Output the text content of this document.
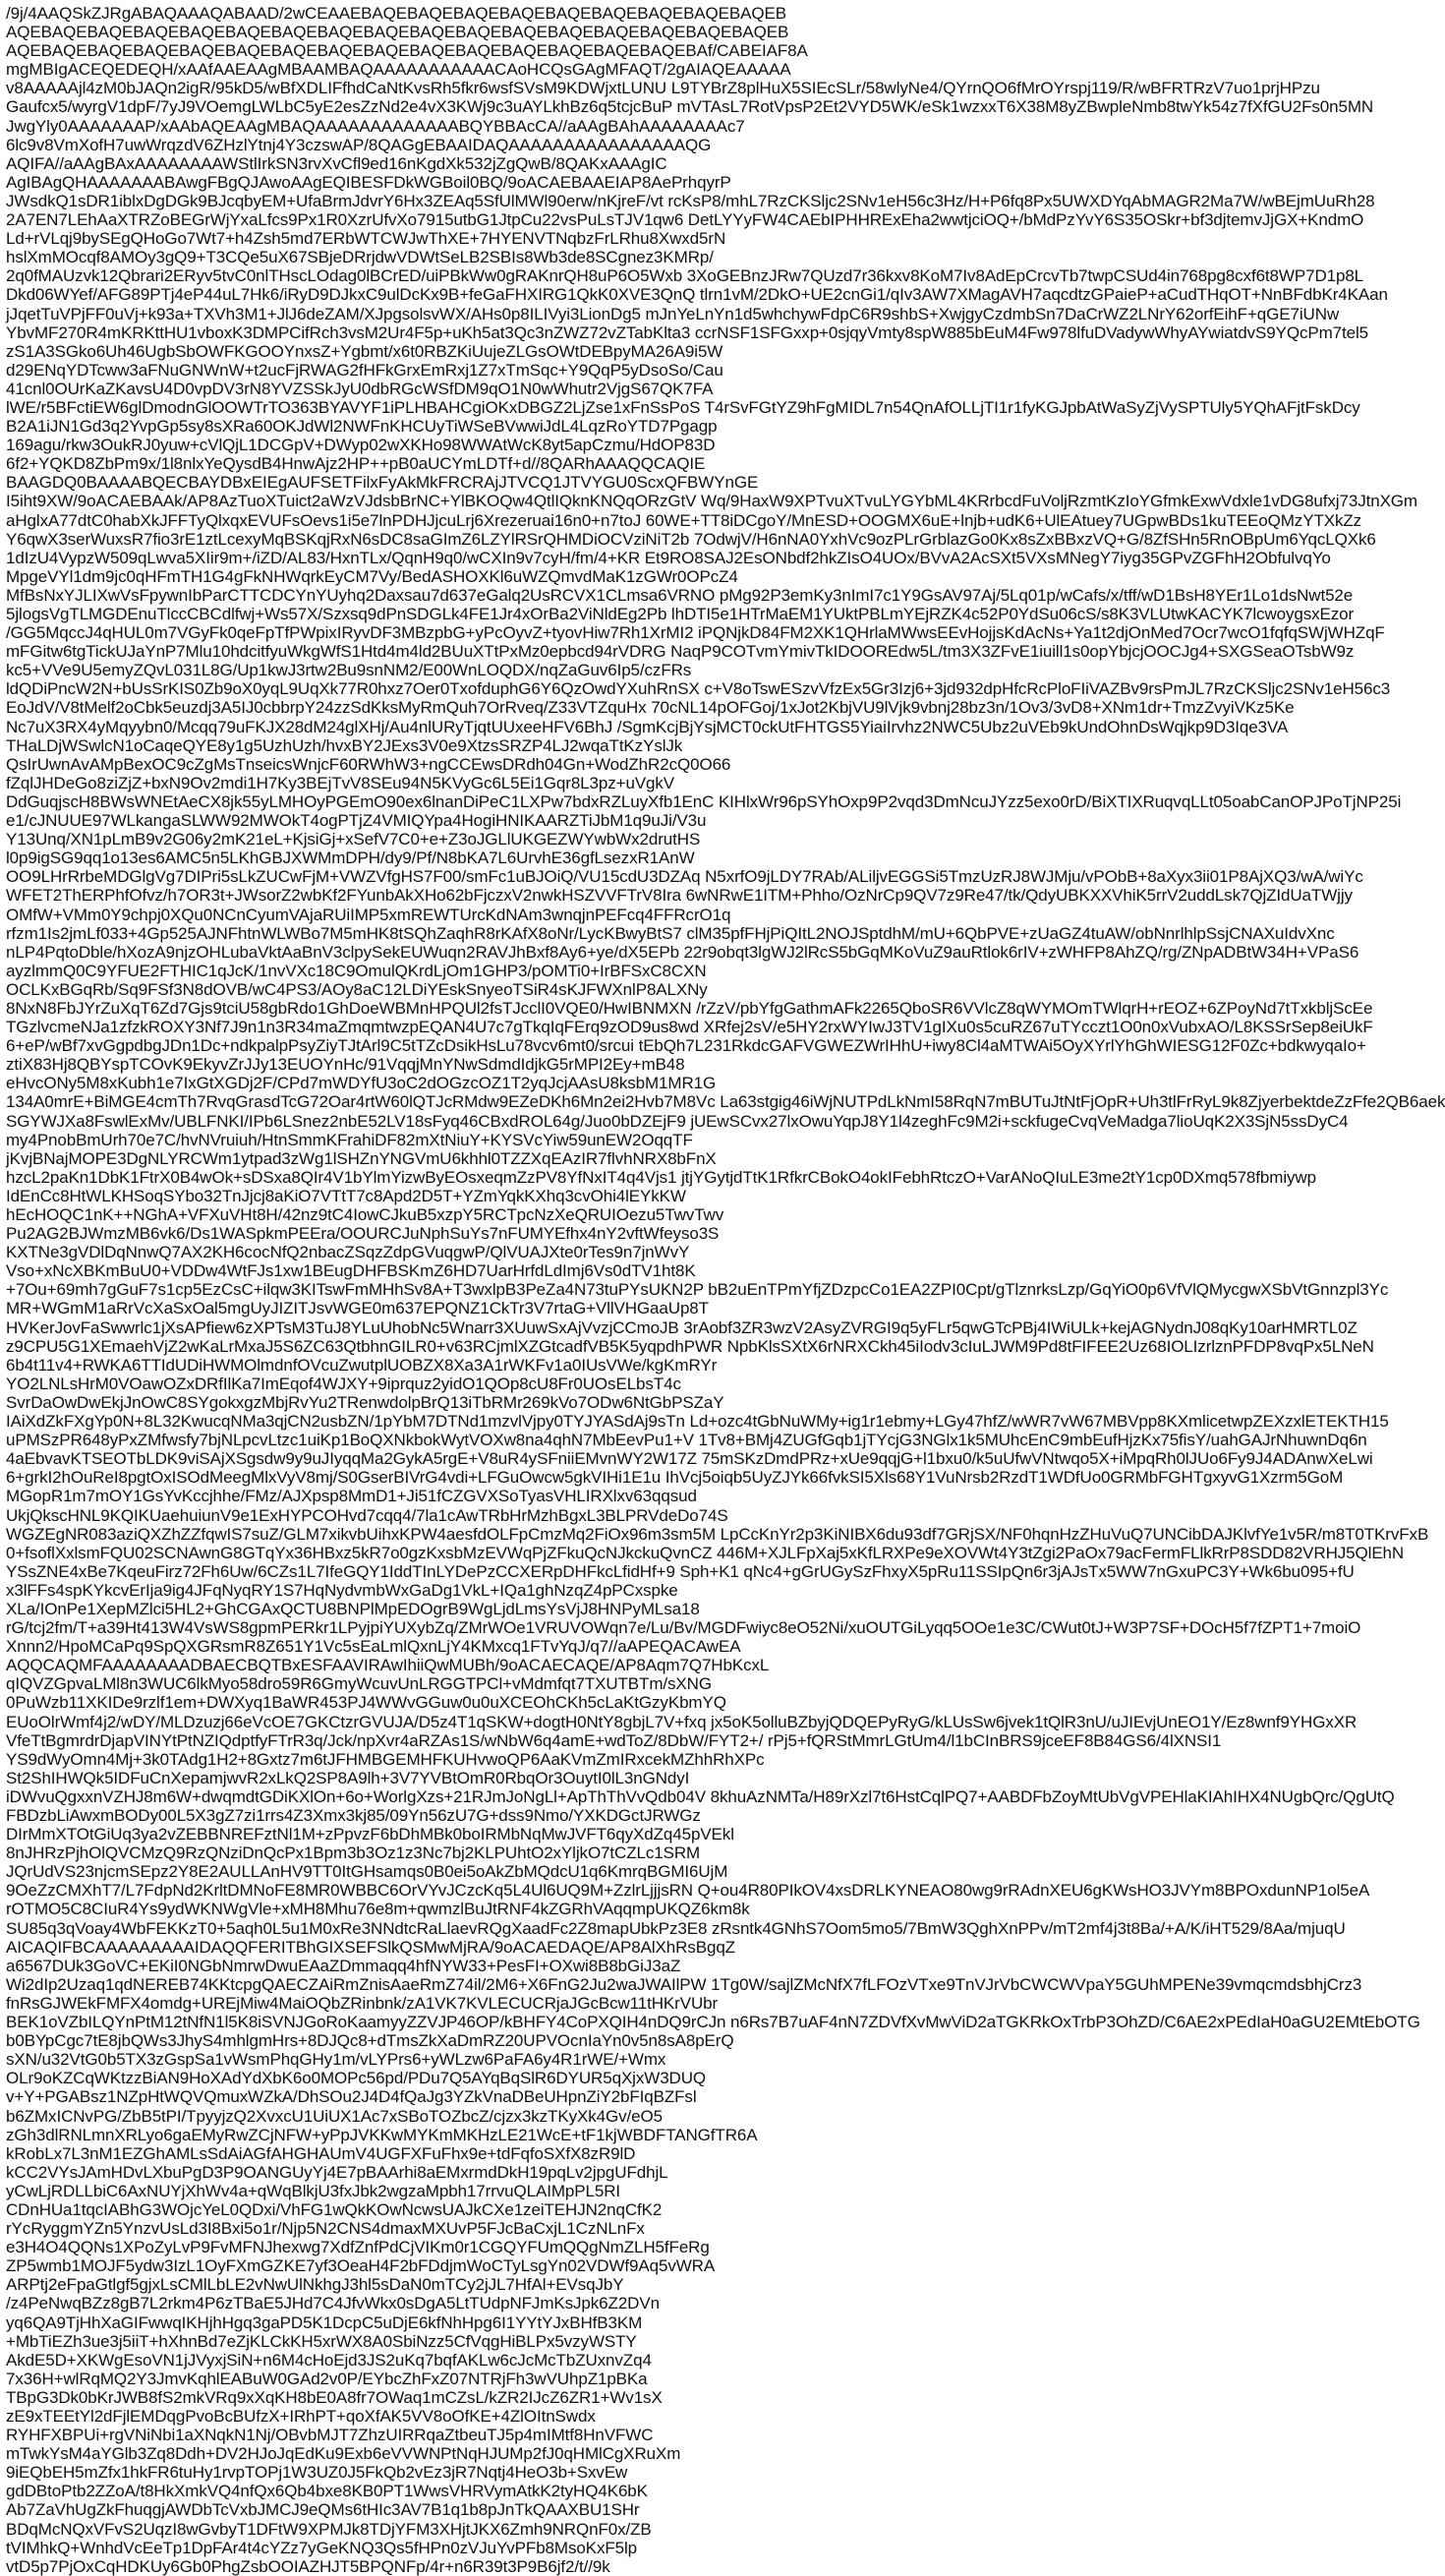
/9j/4AAQSkZJRgABAQAAAQABAAD/2wCEAAEBAQEBAQEBAQEBAQEBAQEBAQEBAQEBAQEBAQEB
AQEBAQEBAQEBAQEBAQEBAQEBAQEBAQEBAQEBAQEBAQEBAQEBAQEBAQEBAQEBAQEBAQEB
AQEBAQEBAQEBAQEBAQEBAQEBAQEBAQEBAQEBAQEBAQEBAQEBAQEBAQEBAQEBAf/CABEIAF8A
mgMBIgACEQEDEQH/xAAfAAEAAgMBAAMBAQAAAAAAAAAAACAoHCQsGAgMFAQT/2gAIAQEAAAAA
v8AAAAAjl4zM0bJAQn2igR/95kD5/wBfXDLIFfhdCaNtKvsRh5fkr6wsfSVsM9KDWjxtLUNU L9TYBrZ8plHuX5SIEcSLr/58wlyNe4/QYrnQO6fMrOYrspj119/R/wBFRTRzV7uo1prjHPzu
Gaufcx5/wyrgV1dpF/7yJ9VOemgLWLbC5yE2esZzNd2e4vX3KWj9c3uAYLkhBz6q5tcjcBuP mVTAsL7RotVpsP2Et2VYD5WK/eSk1wzxxT6X38M8yZBwpleNmb8twYk54z7fXfGU2Fs0n5MN
JwgYly0AAAAAAAP/xAAbAQEAAgMBAQAAAAAAAAAAAAABQYBBAcCA//aAAgBAhAAAAAAAAc7
6lc9v8VmXofH7uwWrqzdV6ZHzlYtnj4Y3czswAP/8QAGgEBAAIDAQAAAAAAAAAAAAAAAAQG
AQIFA//aAAgBAxAAAAAAAAWStlIrkSN3rvXvCfl9ed16nKgdXk532jZgQwB/8QAKxAAAgIC
AgIBAgQHAAAAAAABAwgFBgQJAwoAAgEQIBESFDkWGBoil0BQ/9oACAEBAAEIAP8AePrhqyrP
JWsdkQ1sDR1iblxDgDGk9BJcqbyEM+UfaBrmJdvrY6Hx3ZEAq5SfUlMWl90erw/nKjreF/vt rcKsP8/mhL7RzCKSljc2SNv1eH56c3Hz/H+P6fq8Px5UWXDYqAbMAGR2Ma7W/wBEjmUuRh28
2A7EN7LEhAaXTRZoBEGrWjYxaLfcs9Px1R0XzrUfvXo7915utbG1JtpCu22vsPuLsTJV1qw6 DetLYYyFW4CAEbIPHHRExEha2wwtjciOQ+/bMdPzYvY6S35OSkr+bf3djtemvJjGX+KndmO
Ld+rVLqj9bySEgQHoGo7Wt7+h4Zsh5md7ERbWTCWJwThXE+7HYENVTNqbzFrLRhu8Xwxd5rN
hslXmMOcqf8AMOy3gQ9+T3CQe5uX67SBjeDRrjdwVDWtSeLB2SBIs8Wb3de8SCgnez3KMRp/
2q0fMAUzvk12Qbrari2ERyv5tvC0nlTHscLOdag0lBCrED/uiPBkWw0gRAKnrQH8uP6O5Wxb 3XoGEBnzJRw7QUzd7r36kxv8KoM7Iv8AdEpCrcvTb7twpCSUd4in768pg8cxf6t8WP7D1p8L
Dkd06WYef/AFG89PTj4eP44uL7Hk6/iRyD9DJkxC9ulDcKx9B+feGaFHXIRG1QkK0XVE3QnQ tlrn1vM/2DkO+UE2cnGi1/qIv3AW7XMagAVH7aqcdtzGPaieP+aCudTHqOT+NnBFdbKr4KAan
jJqetTuVPjFF0uVj+k93a+TXVh3M1+JlJ6deZAM/XJpgsolsvWX/AHs0p8ILIVyi3LionDg5 mJnYeLnYn1d5whchywFdpC6R9shbS+XwjgyCzdmbSn7DaCrWZ2LNrY62orfEihF+qGE7iUNw
YbvMF270R4mKRKttHU1vboxK3DMPCifRch3vsM2Ur4F5p+uKh5at3Qc3nZWZ72vZTabKlta3 ccrNSF1SFGxxp+0sjqyVmty8spW885bEuM4Fw978lfuDVadywWhyAYwiatdvS9YQcPm7tel5
zS1A3SGko6Uh46UgbSbOWFKGOOYnxsZ+Ygbmt/x6t0RBZKiUujeZLGsOWtDEBpyMA26A9i5W
d29ENqYDTcww3aFNuGNWnW+t2ucFjRWAG2fHFkGrxEmRxj1Z7xTmSqc+Y9QqP5yDsoSo/Cau
41cnl0OUrKaZKavsU4D0vpDV3rN8YVZSSkJyU0dbRGcWSfDM9qO1N0wWhutr2VjgS67QK7FA
lWE/r5BFctiEW6glDmodnGlOOWTrTO363BYAVYF1iPLHBAHCgiOKxDBGZ2LjZse1xFnSsPoS T4rSvFGtYZ9hFgMIDL7n54QnAfOLLjTI1r1fyKGJpbAtWaSyZjVySPTUly5YQhAFjtFskDcy
B2A1iJN1Gd3q2YvpGp5sy8sXRa60OKJdWl2NWFnKHCUyTiWSeBVwwiJdL4LqzRoYTD7Pgagp
169agu/rkw3OukRJ0yuw+cVlQjL1DCGpV+DWyp02wXKHo98WWAtWcK8yt5apCzmu/HdOP83D
6f2+YQKD8ZbPm9x/1l8nlxYeQysdB4HnwAjz2HP++pB0aUCYmLDTf+d//8QARhAAAQQCAQIE
BAAGDQ0BAAAABQECBAYDBxEIEgAUFSETFilxFyAkMkFRCRAjJTVCQ1JTVYGU0ScxQFBWYnGE
I5iht9XW/9oACAEBAAk/AP8AzTuoXTuict2aWzVJdsbBrNC+YlBKOQw4QtlIQknKNQqORzGtV Wq/9HaxW9XPTvuXTvuLYGYbML4KRrbcdFuVoljRzmtKzIoYGfmkExwVdxle1vDG8ufxj73JtnXGm
aHglxA77dtC0habXkJFFTyQlxqxEVUFsOevs1i5e7lnPDHJjcuLrj6Xrezeruai16n0+n7toJ 60WE+TT8iDCgoY/MnESD+OOGMX6uE+lnjb+udK6+UlEAtuey7UGpwBDs1kuTEEoQMzYTXkZz
Y6qwX3serWuxsR7fio3rE1ztLcexyMqBSKqjRxN6sDC8saGImZ6LZYlRSrQHMDiOCVziNiT2b 7OdwjV/H6nNA0YxhVc9ozPLrGrblazGo0Kx8sZxBBxzVQ+G/8ZfSHn5RnOBpUm6YqcLQXk6
1dIzU4VypzW509qLwva5XIir9m+/iZD/AL83/HxnTLx/QqnH9q0/wCXIn9v7cyH/fm/4+KR Et9RO8SAJ2EsONbdf2hkZIsO4UOx/BVvA2AcSXt5VXsMNegY7iyg35GPvZGFhH2ObfulvqYo
MpgeVYl1dm9jc0qHFmTH1G4gFkNHWqrkEyCM7Vy/BedASHOXKl6uWZQmvdMaK1zGWr0OPcZ4
MfBsNxYJLIXwVsFpywnIbParCTTCDCYnYUyhq2Daxsau7d637eGalq2UsRCVX1CLmsa6VRNO pMg92P3emKy3nImI7c1Y9GsAV97Aj/5Lq01p/wCafs/x/tff/wD1BsH8YEr1Lo1dsNwt52e
5jlogsVgTLMGDEnuTlccCBCdlfwj+Ws57X/Szxsq9dPnSDGLk4FE1Jr4xOrBa2ViNldEg2Pb lhDTI5e1HTrMaEM1YUktPBLmYEjRZK4c52P0YdSu06cS/s8K3VLUtwKACYK7lcwoygsxEzor
/GG5MqccJ4qHUL0m7VGyFk0qeFpTfPWpixIRyvDF3MBzpbG+yPcOyvZ+tyovHiw7Rh1XrMI2 iPQNjkD84FM2XK1QHrlaMWwsEEvHojjsKdAcNs+Ya1t2djOnMed7Ocr7wcO1fqfqSWjWHZqF
mFGitw6tgTickUJaYnP7Mlu10hdcitfyuWkgWfS1Htd4m4ld2BUuXTtPxMz0epbcd94rVDRG NaqP9COTvmYmivTkIDOOREdw5L/tm3X3ZFvE1iuill1s0opYbjcjOOCJg4+SXGSeaOTsbW9z
kc5+VVe9U5emyZQvL031L8G/Up1kwJ3rtw2Bu9snNM2/E00WnLOQDX/nqZaGuv6Ip5/czFRs
ldQDiPncW2N+bUsSrKIS0Zb9oX0yqL9UqXk77R0hxz7Oer0TxofduphG6Y6QzOwdYXuhRnSX c+V8oTswESzvVfzEx5Gr3Izj6+3jd932dpHfcRcPloFIiVAZBv9rsPmJL7RzCKSljc2SNv1eH56c3
EoJdV/V8tMelf2oCbk5euzdj3A5IJ0cbbrpY24zzSdKksMyRmQuh7OrRveq/Z33VTZquHx 70cNL14pOFGoj/1xJot2KbjVU9lVjk9vbnj28bz3n/1Ov3/3vD8+XNm1dr+TmzZvyiVKz5Ke
Nc7uX3RX4yMqyybn0/Mcqq79uFKJX28dM24glXHj/Au4nlURyTjqtUUxeeHFV6BhJ /SgmKcjBjYsjMCT0ckUtFHTGS5YiaiIrvhz2NWC5Ubz2uVEb9kUndOhnDsWqjkp9D3Iqe3VA
THaLDjWSwlcN1oCaqeQYE8y1g5UzhUzh/hvxBY2JExs3V0e9XtzsSRZP4LJ2wqaTtKzYslJk
QsIrUwnAvAMpBexOC9cZgMsTnseicsWnjcF60RWhW3+ngCCEwsDRdh04Gn+WodZhR2cQ0O66
fZqlJHDeGo8ziZjZ+bxN9Ov2mdi1H7Ky3BEjTvV8SEu94N5KVyGc6L5Ei1Gqr8L3pz+uVgkV
DdGuqjscH8BWsWNEtAeCX8jk55yLMHOyPGEmO90ex6lnanDiPeC1LXPw7bdxRZLuyXfb1EnC KIHlxWr96pSYhOxp9P2vqd3DmNcuJYzz5exo0rD/BiXTIXRuqvqLLt05oabCanOPJPoTjNP25i
e1/cJNUUE97WLkangaSLWW92MWOkT4ogPTjZ4VMIQYpa4HogiHNIKAARZTiJbM1q9uJi/V3u
Y13Unq/XN1pLmB9v2G06y2mK21eL+KjsiGj+xSefV7C0+e+Z3oJGLlUKGEZWYwbWx2drutHS
l0p9igSG9qq1o13es6AMC5n5LKhGBJXWMmDPH/dy9/Pf/N8bKA7L6UrvhE36gfLsezxR1AnW
OO9LHrRrbeMDGlgVg7DIPri5sLkZUCwFjM+VWZVfgHS7F00/smFc1uBJOiQ/VU15cdU3DZAq N5xrfO9jLDY7RAb/ALiljvEGGSi5TmzUzRJ8WJMju/vPObB+8aXyx3ii01P8AjXQ3/wA/wiYc
WFET2ThERPhfOfvz/h7OR3t+JWsorZ2wbKf2FYunbAkXHo62bFjczxV2nwkHSZVVFTrV8Ira 6wNRwE1ITM+Phho/OzNrCp9QV7z9Re47/tk/QdyUBKXXVhiK5rrV2uddLsk7QjZIdUaTWjjy
OMfW+VMm0Y9chpj0XQu0NCnCyumVAjaRUiIMP5xmREWTUrcKdNAm3wnqjnPEFcq4FFRcrO1q
rfzm1Is2jmLf033+4Gp525AJNFhtnWLWBo7M5mHK8tSQhZaqhR8rKAfX8oNr/LycKBwyBtS7 clM35pfFHjPiQItL2NOJSptdhM/mU+6QbPVE+zUaGZ4tuAW/obNnrlhlpSsjCNAXuIdvXnc
nLP4PqtoDble/hXozA9njzOHLubaVktAaBnV3clpySekEUWuqn2RAVJhBxf8Ay6+ye/dX5EPb 22r9obqt3lgWJ2lRcS5bGqMKoVuZ9auRtlok6rIV+zWHFP8AhZQ/rg/ZNpADBtW34H+VPaS6
ayzlmmQ0C9YFUE2FTHIC1qJcK/1nvVXc18C9OmulQKrdLjOm1GHP3/pOMTi0+IrBFSxC8CXN
OCLKxBGqRb/Sq9FSf3N8dOVB/wC4PS3/AOy8aC12LDiYEskSnyeoTSiR4sKJFWXnlP8ALXNy
8NxN8FbJYrZuXqT6Zd7Gjs9tciU58gbRdo1GhDoeWBMnHPQUl2fsTJcclI0VQE0/HwIBNMXN /rZzV/pbYfgGathmAFk2265QboSR6VVlcZ8qWYMOmTWlqrH+rEOZ+6ZPoyNd7tTxkbljScEe
TGzlvcmeNJa1zfzkROXY3Nf7J9n1n3R34maZmqmtwzpEQAN4U7c7gTkqIqFErq9zOD9us8wd XRfej2sV/e5HY2rxWYIwJ3TV1gIXu0s5cuRZ67uTYcczt1O0n0xVubxAO/L8KSSrSep8eiUkF
6+eP/wBf7xvGgpdbgJDn1Dc+ndkpalpPsyZiyTJtArl9C5tTZcDsikHsLu78vcv6mt0/srcui tEbQh7L231RkdcGAFVGWEZWrIHhU+iwy8Cl4aMTWAi5OyXYrlYhGhWIESG12F0Zc+bdkwyqaIo+
ztiX83Hj8QBYspTCOvK9EkyvZrJJy13EUOYnHc/91VqqjMnYNwSdmdIdjkG5rMPI2Ey+mB48
eHvcONy5M8xKubh1e7IxGtXGDj2F/CPd7mWDYfU3oC2dOGzcOZ1T2yqJcjAAsU8ksbM1MR1G
134A0mrE+BiMGE4cmTh7RvqGrasdTcG72Oar4rtW60lQTJcRMdw9EZeDKh6Mn2ei2Hvb7M8Vc La63stgig46iWjNUTPdLkNmI58RqN7mBUTuJtNtFjOpR+Uh3tlFrRyL9k8ZjyerbektdeZzFfe2QB6aek
SGYWJXa8FswlExMv/UBLFNKI/IPb6LSnez2nbE52LV18sFyq46CBxdROL64g/Juo0bDZEjF9 jUEwSCvx27lxOwuYqpJ8Y1l4zeghFc9M2i+sckfugeCvqVeMadga7lioUqK2X3SjN5ssDyC4
my4PnobBmUrh70e7C/hvNVruiuh/HtnSmmKFrahiDF82mXtNiuY+KYSVcYiw59unEW2OqqTF
jKvjBNajMOPE3DgNLYRCWm1ytpad3zWg1lSHZnYNGVmU6khhl0TZZXqEAzIR7flvhNRX8bFnX
hzcL2paKn1DbK1FtrX0B4wOk+sDSxa8QIr4V1bYlmYizwByEOsxeqmZzPV8YfNxIT4q4Vjs1 jtjYGytjdTtK1RfkrCBokO4okIFebhRtczO+VarANoQIuLE3me2tY1cp0DXmq578fbmiywp
IdEnCc8HtWLKHSoqSYbo32TnJjcj8aKiO7VTtT7c8Apd2D5T+YZmYqkKXhq3cvOhi4lEYkKW
hEcHOQC1nK++NGhA+VFXuVHt8H/42nz9tC4IowCJkuB5xzpY5RCTpcNzXeQRUIOezu5TwvTwv
Pu2AG2BJWmzMB6vk6/Ds1WASpkmPEEra/OOURCJuNphSuYs7nFUMYEfhx4nY2vftWfeyso3S
KXTNe3gVDlDqNnwQ7AX2KH6cocNfQ2nbacZSqzZdpGVuqgwP/QlVUAJXte0rTes9n7jnWvY
Vso+xNcXBKmBuU0+VDDw4WtFJs1xw1BEugDHFBSKmZ6HD7UarHrfdLdImj6Vs0dTV1ht8K
+7Ou+69mh7gGuF7s1cp5EzCsC+ilqw3KITswFmMHhSv8A+T3wxlpB3PeZa4N73tuPYsUKN2P bB2uEnTPmYfjZDzpcCo1EA2ZPI0Cpt/gTlznrksLzp/GqYiO0p6VfVlQMycgwXSbVtGnnzpl3Yc
MR+WGmM1aRrVcXaSxOal5mgUyJIZITJsvWGE0m637EPQNZ1CkTr3V7rtaG+VllVHGaaUp8T
HVKerJovFaSwwrlc1jXsAPfiew6zXPTsM3TuJ8YLuUhobNc5Wnarr3XUuwSxAjVvzjCCmoJB 3rAobf3ZR3wzV2AsyZVRGI9q5yFLr5qwGTcPBj4IWiULk+kejAGNydnJ08qKy10arHMRTL0Z
z9CPU5G1XEmaehVjZ2wKaLrMxaJ5S6ZC63QtbhnGILR0+v63RCjmlXZGtcadfVB5K5yqpdhPWR NpbKlsSXtX6rNRXCkh45iIodv3cIuLJWM9Pd8tFIFEE2Uz68IOLIzrlznPFDP8vqPx5LNeN
6b4t11v4+RWKA6TTIdUDiHWMOlmdnfOVcuZwutplUOBZX8Xa3A1rWKFv1a0IUsVWe/kgKmRYr
YO2LNLsHrM0VOawOZxDRfIlKa7ImEqof4WJXY+9iprquz2yidO1QOp8cU8Fr0UOsELbsT4c
SvrDaOwDwEkjJnOwC8SYgokxgzMbjRvYu2TRenwdolpBrQ13iTbRMr269kVo7ODw6NtGbPSZaY
IAiXdZkFXgYp0N+8L32KwucqNMa3qjCN2usbZN/1pYbM7DTNd1mzvlVjpy0TYJYASdAj9sTn Ld+ozc4tGbNuWMy+ig1r1ebmy+LGy47hfZ/wWR7vW67MBVpp8KXmlicetwpZEXzxlETEKTH15
uPMSzPR648yPxZMfwsfy7bjNLpcvLtzc1uiKp1BoQXNkbokWytVOXw8na4qhN7MbEevPu1+V 1Tv8+BMj4ZUGfGqb1jTYcjG3NGlx1k5MUhcEnC9mbEufHjzKx75fisY/uahGAJrNhuwnDq6n
4aEbvavKTSEOTbLDK9viSAjXSgsdw9y9uJIyqqMa2GykA5rgE+V8uR4ySFniiEMvnWY2W17Z 75mSKzDmdPRz+xUe9qqjG+l1bxu0/k5uUfwVNtwqo5X+iMpqRh0lJUo6Fy9J4ADAnwXeLwi
6+grkI2hOuReI8pgtOxISOdMeegMlxVyV8mj/S0GserBIVrG4vdi+LFGuOwcw5gkVIHi1E1u IhVcj5oiqb5UyZJYk66fvkSI5Xls68Y1VuNrsb2RzdT1WDfUo0GRMbFGHTgxyvG1Xzrm5GoM
MGopR1m7mOY1GsYvKccjhhe/FMz/AJXpsp8MmD1+Ji51fCZGVXSoTyasVHLIRXlxv63qqsud
UkjQkscHNL9KQIKUaehuiunV9e1ExHYPCOHvd7cqq4/7la1cAwTRbHrMzhBgxL3BLPRVdeDo74S
WGZEgNR083aziQXZhZZfqwIS7suZ/GLM7xikvbUihxKPW4aesfdOLFpCmzMq2FiOx96m3sm5M LpCcKnYr2p3KiNIBX6du93df7GRjSX/NF0hqnHzZHuVuQ7UNCibDAJKlvfYe1v5R/m8T0TKrvFxB
0+fsoflXxlsmFQU02SCNAwnG8GTqYx36HBxz5kR7o0gzKxsbMzEVWqPjZFkuQcNJkckuQvnCZ 446M+XJLFpXaj5xKfLRXPe9eXOVWt4Y3tZgi2PaOx79acFermFLlkRrP8SDD82VRHJ5QlEhN
YSsZNE4xBe7KqeuFirz72Fh6Uw/6CZs1L7IfeGQY1IddTInLYDePzCCXERpDHFkcLfidHf+9 Sph+K1 qNc4+gGrUGySzFhxyX5pRu11SSIpQn6r3jAJsTx5WW7nGxuPC3Y+Wk6bu095+fU
x3lFFs4spKYkcvErIja9ig4JFqNyqRY1S7HqNydvmbWxGaDg1VkL+IQa1ghNzqZ4pPCxspke
XLa/IOnPe1XepMZlci5HL2+GhCGAxQCTU8BNPlMpEDOgrB9WgLjdLmsYsVjJ8HNPyMLsa18
rG/tcj2fm/T+a39Ht413W4VsWS8gpmPERkr1LPyjpiYUXybZq/ZMrWOe1VRUVOWqn7e/Lu/Bv/MGDFwiyc8eO52Ni/xuOUTGiLyqq5OOe1e3C/CWut0tJ+W3P7SF+DOcH5f7fZPT1+7moiO
Xnnn2/HpoMCaPq9SpQXGRsmR8Z651Y1Vc5sEaLmlQxnLjY4KMxcq1FTvYqJ/q7//aAPEQACAwEA
AQQCAQMFAAAAAAAADBAECBQTBxESFAAVIRAwIhiiQwMUBh/9oACAECAQE/AP8Aqm7Q7HbKcxL
qIQVZGpvaLMl8n3WUC6lkMyo58dro59R6GmyWcuvUnLRGGTPCl+vMdmfqt7TXUTBTm/sXNG
0PuWzb11XKIDe9rzlf1em+DWXyq1BaWR453PJ4WWvGGuw0u0uXCEOhCKh5cLaKtGzyKbmYQ
EUoOlrWmf4j2/wDY/MLDzuzj66eVcOE7GKCtzrGVUJA/D5z4T1qSKW+dogtH0NtY8gbjL7V+fxq jx5oK5olluBZbyjQDQEPyRyG/kLUsSw6jvek1tQlR3nU/uJIEvjUnEO1Y/Ez8wnf9YHGxXR
VfeTtBgmrdrDjapVINYtPtNZIQdptfyFTrR3q/Jck/npXvr4aRZAs1S/wNbW6q4amE+wdToZ/8DbW/FYT2+/ rPj5+fQRStMmrLGtUm4/l1bCInBRS9jceEF8B84GS6/4lXNSI1
YS9dWyOmn4Mj+3k0TAdg1H2+8Gxtz7m6tJFHMBGEMHFKUHvwoQP6AaKVmZmIRxcekMZhhRhXPc
St2ShIHWQk5IDFuCnXepamjwvR2xLkQ2SP8A9lh+3V7YVBtOmR0RbqOr3OuytI0lL3nGNdyI
iDWvuQgxxnVZHJ8m6W+dwqmdtGDiKXlOn+6o+WorlgXzs+21RJmJoNgLl+ApThThVvQdb04V 8khuAzNMTa/H89rXzl7t6HstCqlPQ7+AABDFbZoyMtUbVgVPEHlaKIAhIHX4NUgbQrc/QgUtQ
FBDzbLiAwxmBODy00L5X3gZ7zi1rrs4Z3Xmx3kj85/09Yn56zU7G+dss9Nmo/YXKDGctJRWGz
DIrMmXTOtGiUq3ya2vZEBBNREFztNl1M+zPpvzF6bDhMBk0boIRMbNqMwJVFT6qyXdZq45pVEkl
8nJHRzPjhOlQVCMzQ9RzQNziDnQcPx1Bpm3b3Oz1z3Nc7bj2KLPUhtO2xYljkO7tCZLc1SRM
JQrUdVS23njcmSEpz2Y8E2AULLAnHV9TT0ItGHsamqs0B0ei5oAkZbMQdcU1q6KmrqBGMI6UjM
9OeZzCMXhT7/L7FdpNd2KrltDMNoFE8MR0WBBC6OrVYvJCzcKq5L4Ul6UQ9M+ZzlrLjjjsRN Q+ou4R80PIkOV4xsDRLKYNEAO80wg9rRAdnXEU6gKWsHO3JVYm8BPOxdunNP1ol5eA
rOTMO5C8CIuR4Ys9ydWKNWgVle+xMH8Mhu76e8m+qwmzlBuJtRNF4kZGRhVAqqmpUKQZ6km8k
SU85q3qVoay4WbFEKKzT0+5aqh0L5u1M0xRe3NNdtcRaLlaevRQgXaadFc2Z8mapUbkPz3E8 zRsntk4GNhS7Oom5mo5/7BmW3QghXnPPv/mT2mf4j3t8Ba/+A/K/iHT529/8Aa/mjuqU
AICAQIFBCAAAAAAAAAIDAQQFERITBhGIXSEFSlkQSMwMjRA/9oACAEDAQE/AP8AlXhRsBgqZ
a6567DUk3GoVC+EKiI0NGbNmrwDwuEAaZDmmaqq4hfNYW33+PesFI+OXwi8B8bGiJ3aZ
Wi2dIp2Uzaq1qdNEREB74KKtcpgQAECZAiRmZnisAaeRmZ74il/2M6+X6FnG2Ju2waJWAIlPW 1Tg0W/sajlZMcNfX7fLFOzVTxe9TnVJrVbCWCWVpaY5GUhMPENe39vmqcmdsbhjCrz3
fnRsGJWEkFMFX4omdg+UREjMiw4MaiOQbZRinbnk/zA1VK7KVLECUCRjaJGcBcw11tHKrVUbr
BEK1oVZbILQYnPtM12tNfN1l5K8iSVNJGoRoKaamyyZZVJP46OP/kBHFY4CoPXQIH4nDQ9rCJn n6Rs7B7uAF4nN7ZDVfXvMwViD2aTGKRkOxTrbP3OhZD/C6AE2xPEdIaH0aGU2EMtEbOTG
b0BYpCgc7tE8jbQWs3JhyS4mhlgmHrs+8DJQc8+dTmsZkXaDmRZ20UPVOcnIaYn0v5n8sA8pErQ
sXN/u32VtG0b5TX3zGspSa1vWsmPhqGHy1m/vLYPrs6+yWLzw6PaFA6y4R1rWE/+Wmx
OLr9oKZCqWKtzzBiAN9HoXAdYdXbK6o0MOPc56pd/PDu7Q5AYqBqSlR6DYUR5qXjxW3DUQ
v+Y+PGABsz1NZpHtWQVQmuxWZkA/DhSOu2J4D4fQaJg3YZkVnaDBeUHpnZiY2bFIqBZFsl
b6ZMxICNvPG/ZbB5tPI/TpyyjzQ2XvxcU1UiUX1Ac7xSBoTOZbcZ/cjzx3kzTKyXk4Gv/eO5
zGh3dlRNLmnXRLyo6gaEMyRwZCjNFW+yPpJVKKwMYKmMKHzLE21WcE+tF1kjWBDFTANGfTR6A
kRobLx7L3nM1EZGhAMLsSdAiAGfAHGHAUmV4UGFXFuFhx9e+tdFqfoSXfX8zR9lD
kCC2VYsJAmHDvLXbuPgD3P9OANGUyYj4E7pBAArhi8aEMxrmdDkH19pqLv2jpgUFdhjL
yCwLjRDLLbiC6AxNUYjXhWv4a+qWqBlkjU3fxJbk2wgzaMpbh17rrvuQLAIMpPL5RI
CDnHUa1tqcIABhG3WOjcYeL0QDxi/VhFG1wQkKOwNcwsUAJkCXe1zeiTEHJN2nqCfK2
rYcRyggmYZn5YnzvUsLd3I8Bxi5o1r/Njp5N2CNS4dmaxMXUvP5FJcBaCxjL1CzNLnFx
e3H4O4QQNs1XPoZyLvP9FvMFNJhexwg7XdfZnfPdCjVIKm0r1CGQYFUmQQgNmZLH5fFeRg
ZP5wmb1MOJF5ydw3IzL1OyFXmGZKE7yf3OeaH4F2bFDdjmWoCTyLsgYn02VDWf9Aq5vWRA
ARPtj2eFpaGtlgf5gjxLsCMlLbLE2vNwUlNkhgJ3hl5sDaN0mTCy2jJL7HfAl+EVsqJbY
/z4PeNwqBZz8gB7L2rkm4P6zTBaE5JHd7C4JfvWkx0sDgA5LtTUdpNFJmKsJpk6Z2DVn
yq6QA9TjHhXaGIFwwqIKHjhHgq3gaPD5K1DcpC5uDjE6kfNhHpg6I1YYtYJxBHfB3KM
+MbTiEZh3ue3j5iiT+hXhnBd7eZjKLCkKH5xrWX8A0SbiNzz5CfVqgHiBLPx5vzyWSTY
AkdE5D+XKWgEsoVN1jJVyxjSiN+n6M4cHoEjd3JS2uKq7bqfAKLw6cJcMcTbZUxnvZq4
7x36H+wlRqMQ2Y3JmvKqhlEABuW0GAd2v0P/EYbcZhFxZ07NTRjFh3wVUhpZ1pBKa
TBpG3Dk0bKrJWB8fS2mkVRq9xXqKH8bE0A8fr7OWaq1mCZsL/kZR2IJcZ6ZR1+Wv1sX
zE9xTEEtYl2dFjlEMDqgPvoBcBUfzX+IRhPT+qoXfAK5VV8oOfKE+4ZlOItnSwdx
RYHFXBPUi+rgVNiNbi1aXNqkN1Nj/OBvbMJT7ZhzUIRRqaZtbeuTJ5p4mIMtf8HnVFWC
mTwkYsM4aYGlb3Zq8Ddh+DV2HJoJqEdKu9Exb6eVVWNPtNqHJUMp2fJ0qHMlCgXRuXm
9iEQbEH5mZfx1hkFR6tuHy1rvpTOPj1W3UZ0J5FkQb2vEz3jR7Nqtj4HeO3b+SxvEw
gdDBtoPtb2ZZoA/t8HkXmkVQ4nfQx6Qb4bxe8KB0PT1WwsVHRVymAtkK2tyHQ4K6bK
Ab7ZaVhUgZkFhuqgjAWDbTcVxbJMCJ9eQMs6tHIc3AV7B1q1b8pJnTkQAAXBU1SHr
BDqMcNQxVFvS2UqzI8wGvbyT1DFtW9XPMJk8TDjYFM3XHjtJKX6Zmh9NRQnF0x/ZB
tVIMhkQ+WnhdVcEeTp1DpFAr4t4cYZz7yGeKNQ3Qs5fHPn0zVJuYvPFb8MsoKxF5lp
vtD5p7PjOxCqHDKUy6Gb0PhgZsbOOIAZHJT5BPQNFp/4r+n6R39t3P9B6jf2/t//9k
